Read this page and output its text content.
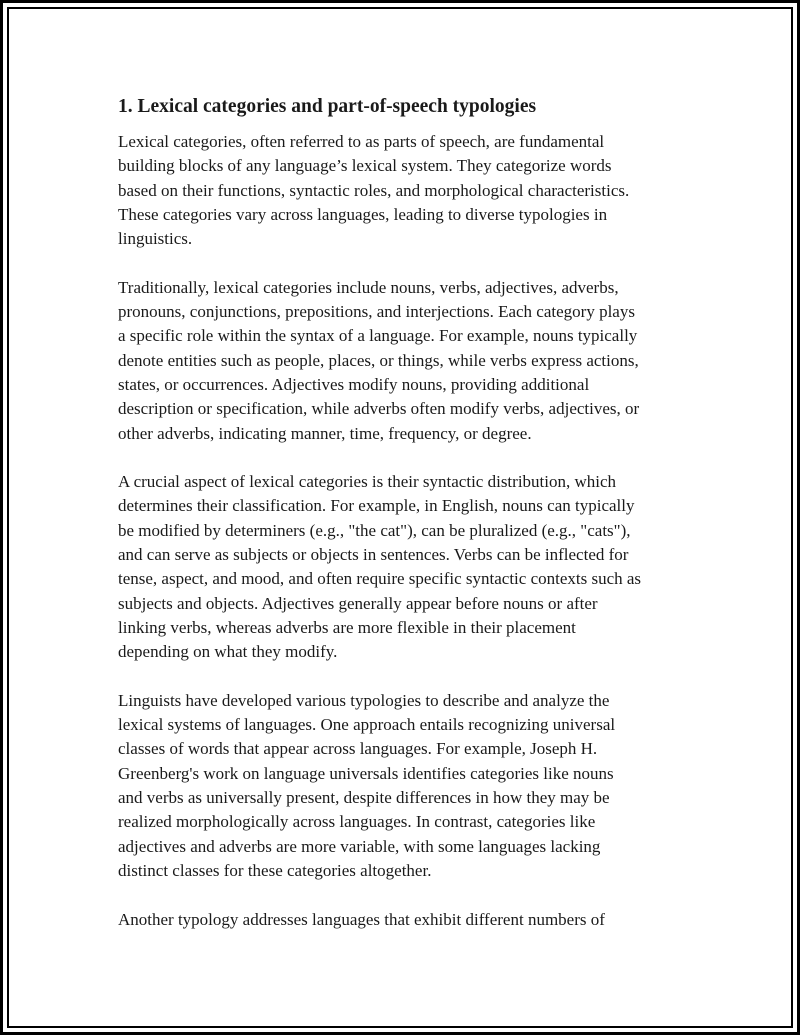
1. Lexical categories and part-of-speech typologies

Lexical categories, often referred to as parts of speech, are fundamental
building blocks of any language’s lexical system. They categorize words
based on their functions, syntactic roles, and morphological characteristics.
These categories vary across languages, leading to diverse typologies in
linguistics.

Traditionally, lexical categories include nouns, verbs, adjectives, adverbs,
pronouns, conjunctions, prepositions, and interjections. Each category plays
a specific role within the syntax of a language. For example, nouns typically
denote entities such as people, places, or things, while verbs express actions,
states, or occurrences. Adjectives modify nouns, providing additional
description or specification, while adverbs often modify verbs, adjectives, or
other adverbs, indicating manner, time, frequency, or degree.

A crucial aspect of lexical categories is their syntactic distribution, which
determines their classification. For example, in English, nouns can typically
be modified by determiners (e.g., "the cat"), can be pluralized (e.g., "cats"),
and can serve as subjects or objects in sentences. Verbs can be inflected for
tense, aspect, and mood, and often require specific syntactic contexts such as
subjects and objects. Adjectives generally appear before nouns or after
linking verbs, whereas adverbs are more flexible in their placement
depending on what they modify.

Linguists have developed various typologies to describe and analyze the
lexical systems of languages. One approach entails recognizing universal
classes of words that appear across languages. For example, Joseph H.
Greenberg's work on language universals identifies categories like nouns
and verbs as universally present, despite differences in how they may be
realized morphologically across languages. In contrast, categories like
adjectives and adverbs are more variable, with some languages lacking
distinct classes for these categories altogether.

Another typology addresses languages that exhibit different numbers of
